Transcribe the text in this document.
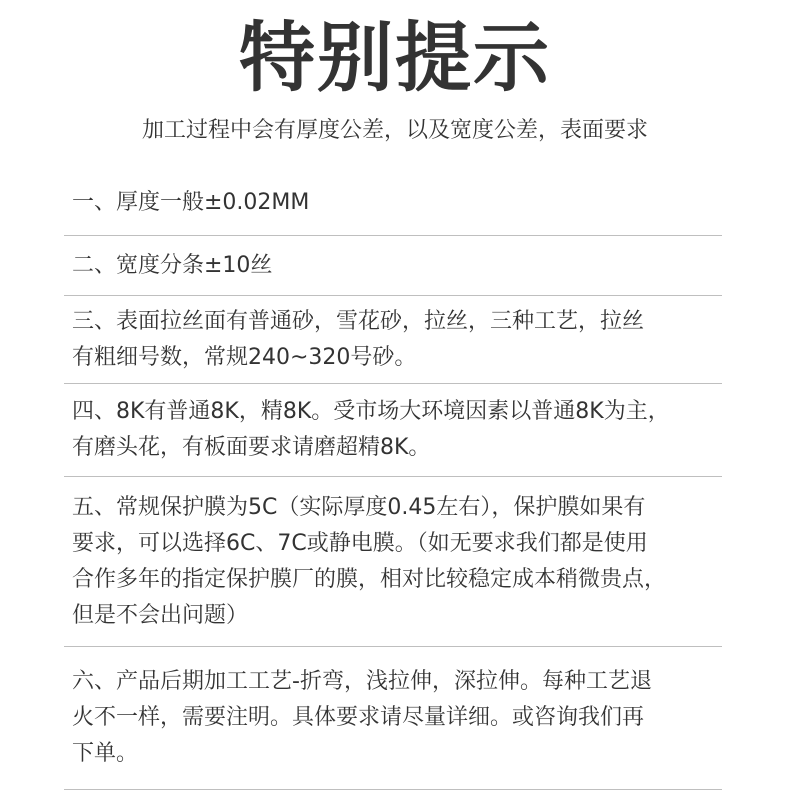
特别提示
加工过程中会有厚度公差，以及宽度公差，表面要求
一、厚度一般±0.02MM
二、宽度分条±10丝
三、表面拉丝面有普通砂，雪花砂，拉丝，三种工艺，拉丝
有粗细号数，常规240~320号砂。
四、8K有普通8K，精8K。受市场大环境因素以普通8K为主，
有磨头花，有板面要求请磨超精8K。
五、常规保护膜为5C（实际厚度0.45左右），保护膜如果有
要求，可以选择6C、7C或静电膜。（如无要求我们都是使用
合作多年的指定保护膜厂的膜，相对比较稳定成本稍微贵点，
但是不会出问题）
六、产品后期加工工艺-折弯，浅拉伸，深拉伸。每种工艺退
火不一样，需要注明。具体要求请尽量详细。或咨询我们再
下单。
